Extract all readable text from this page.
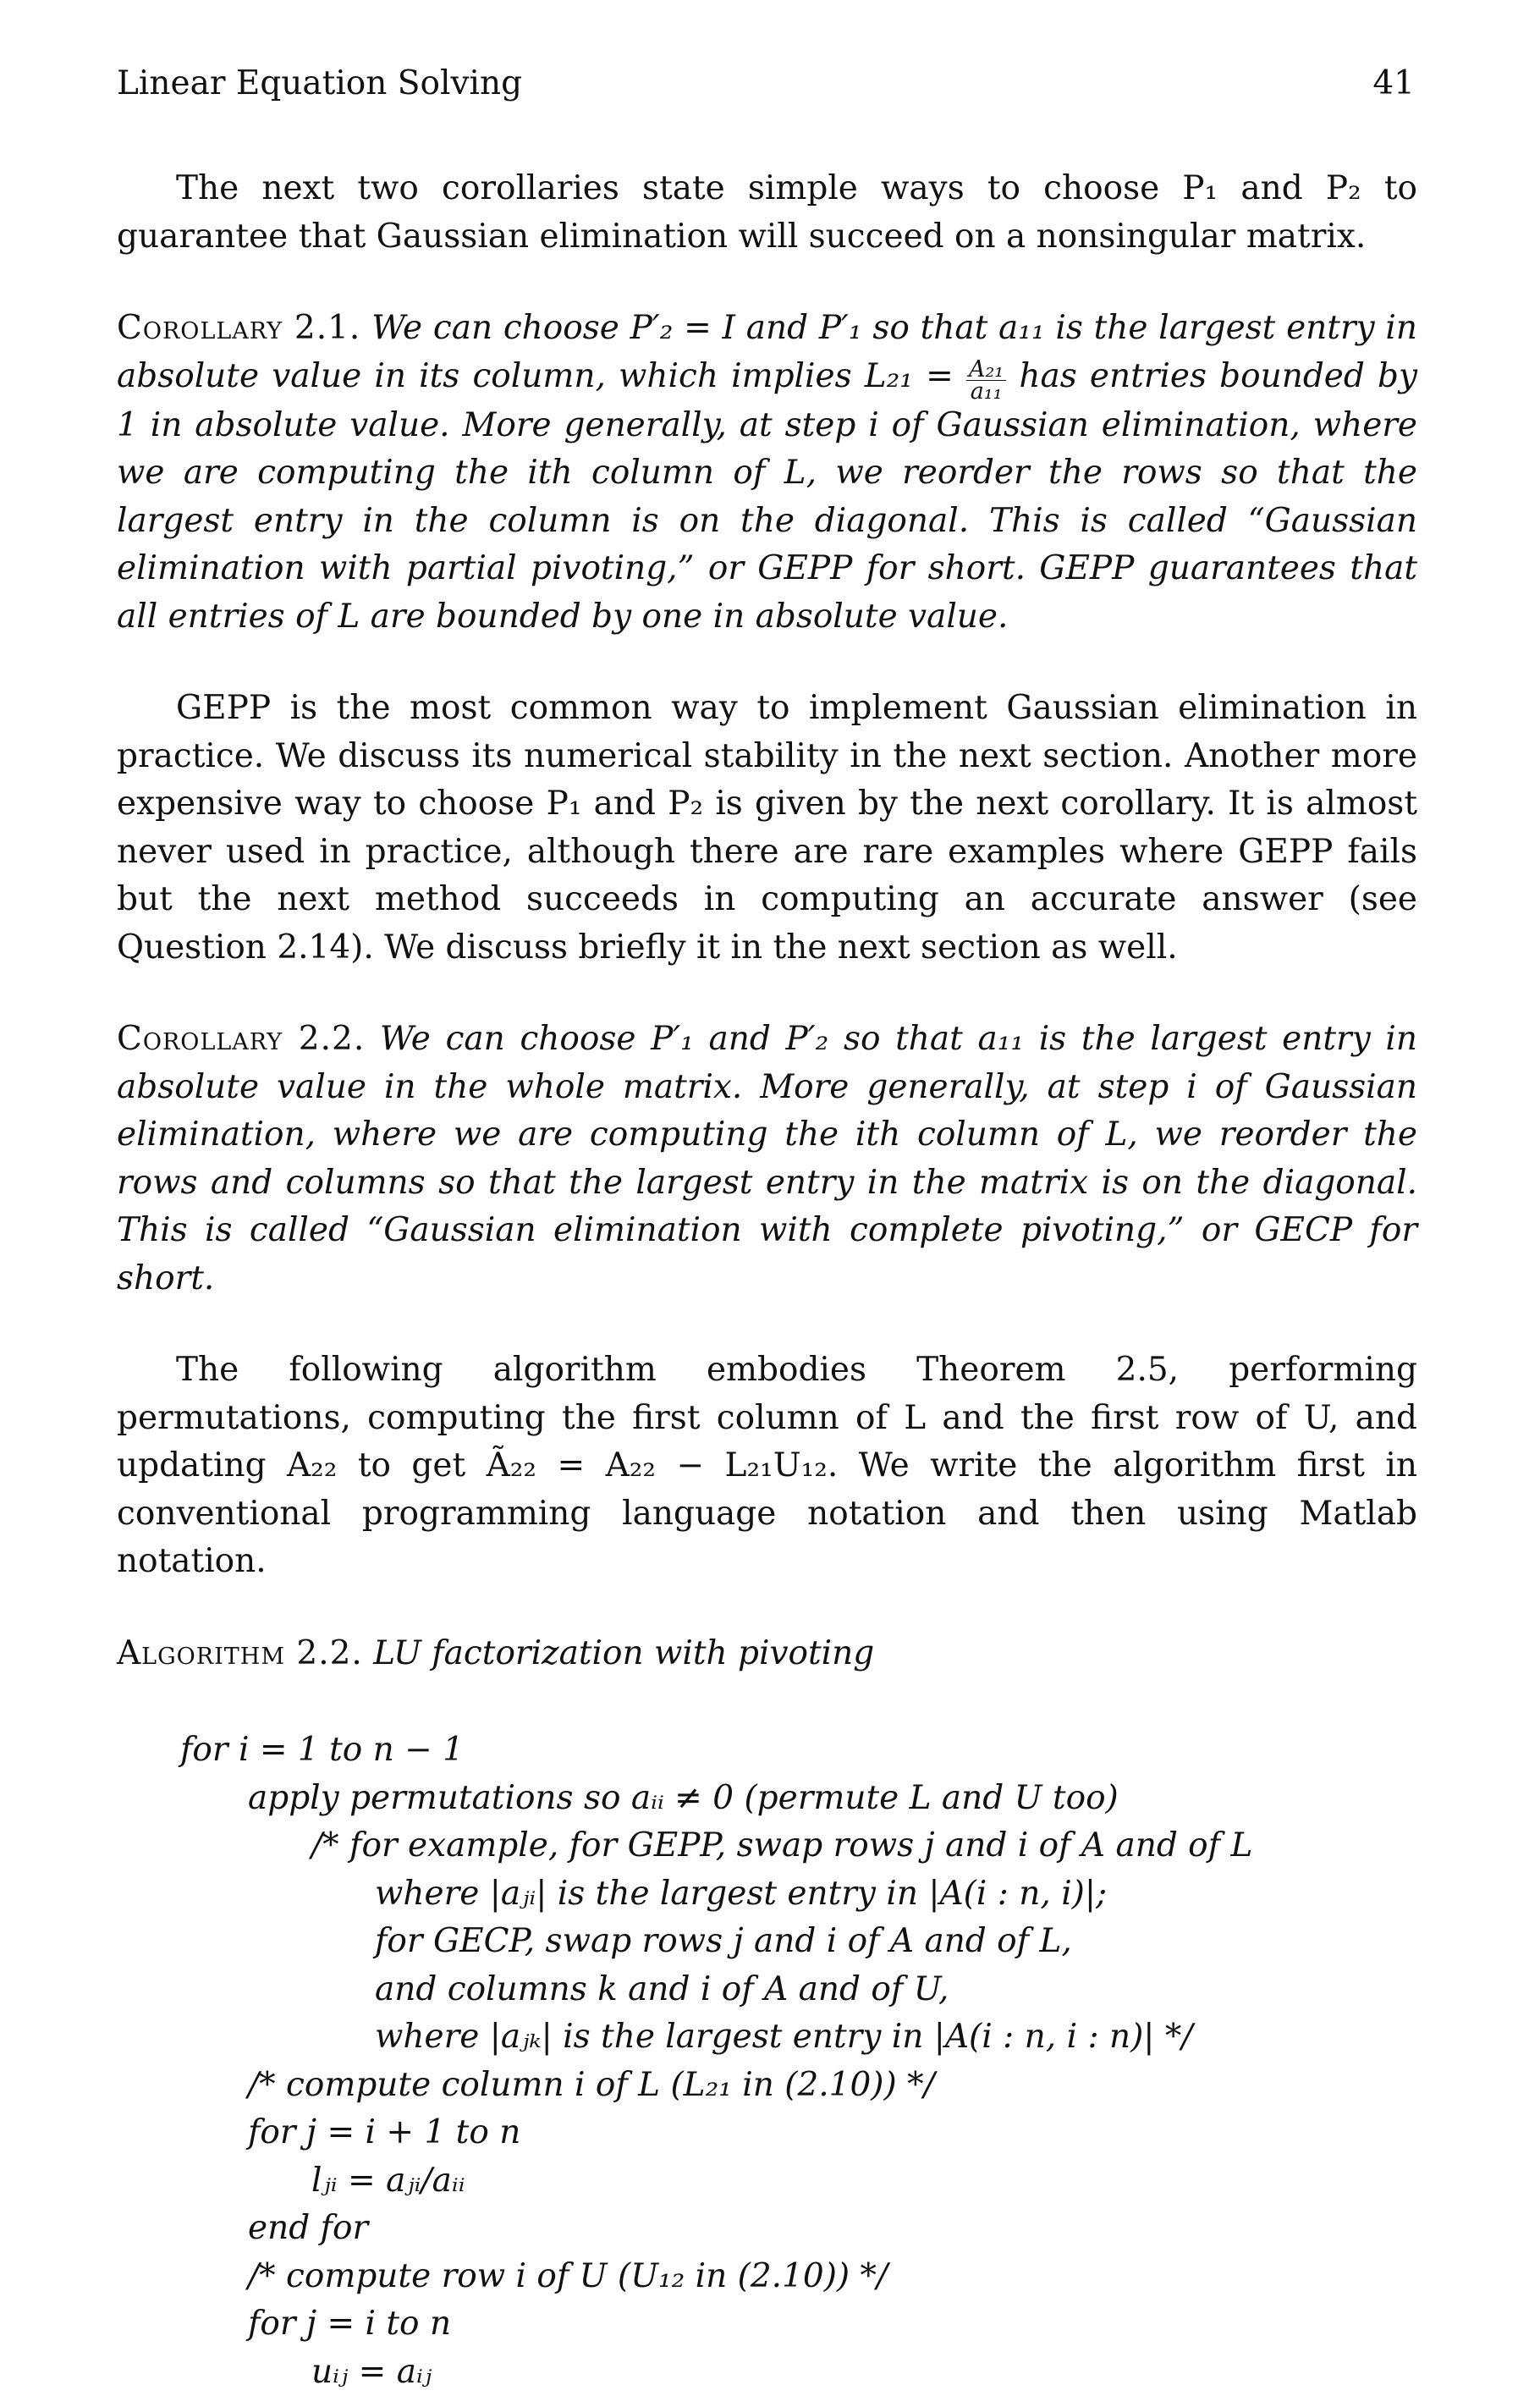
Linear Equation Solving	41

The next two corollaries state simple ways to choose P₁ and P₂ to guarantee that Gaussian elimination will succeed on a nonsingular matrix.

Corollary 2.1. We can choose P′₂ = I and P′₁ so that a₁₁ is the largest entry in absolute value in its column, which implies $L_{21} = \frac{\text{A₂₁}}{\text{a₁₁}}$ has entries bounded by 1 in absolute value. More generally, at step i of Gaussian elimination, where we are computing the ith column of L, we reorder the rows so that the largest entry in the column is on the diagonal. This is called “Gaussian elimination with partial pivoting,” or GEPP for short. GEPP guarantees that all entries of L are bounded by one in absolute value.

GEPP is the most common way to implement Gaussian elimination in practice. We discuss its numerical stability in the next section. Another more expensive way to choose P₁ and P₂ is given by the next corollary. It is almost never used in practice, although there are rare examples where GEPP fails but the next method succeeds in computing an accurate answer (see Question 2.14). We discuss briefly it in the next section as well.

Corollary 2.2. We can choose P′₁ and P′₂ so that a₁₁ is the largest entry in absolute value in the whole matrix. More generally, at step i of Gaussian elimination, where we are computing the ith column of L, we reorder the rows and columns so that the largest entry in the matrix is on the diagonal. This is called “Gaussian elimination with complete pivoting,” or GECP for short.

The following algorithm embodies Theorem 2.5, performing permutations, computing the first column of L and the first row of U, and updating A₂₂ to get Ã₂₂ = A₂₂ − L₂₁U₁₂. We write the algorithm first in conventional programming language notation and then using Matlab notation.

Algorithm 2.2. LU factorization with pivoting

for i = 1 to n − 1
apply permutations so aᵢᵢ ≠ 0 (permute L and U too)
/* for example, for GEPP, swap rows j and i of A and of L
where |aⱼᵢ| is the largest entry in |A(i : n, i)|;
for GECP, swap rows j and i of A and of L,
and columns k and i of A and of U,
where |aⱼₖ| is the largest entry in |A(i : n, i : n)| */
/* compute column i of L (L₂₁ in (2.10)) */
for j = i + 1 to n
lⱼᵢ = aⱼᵢ/aᵢᵢ
end for
/* compute row i of U (U₁₂ in (2.10)) */
for j = i to n
uᵢⱼ = aᵢⱼ
